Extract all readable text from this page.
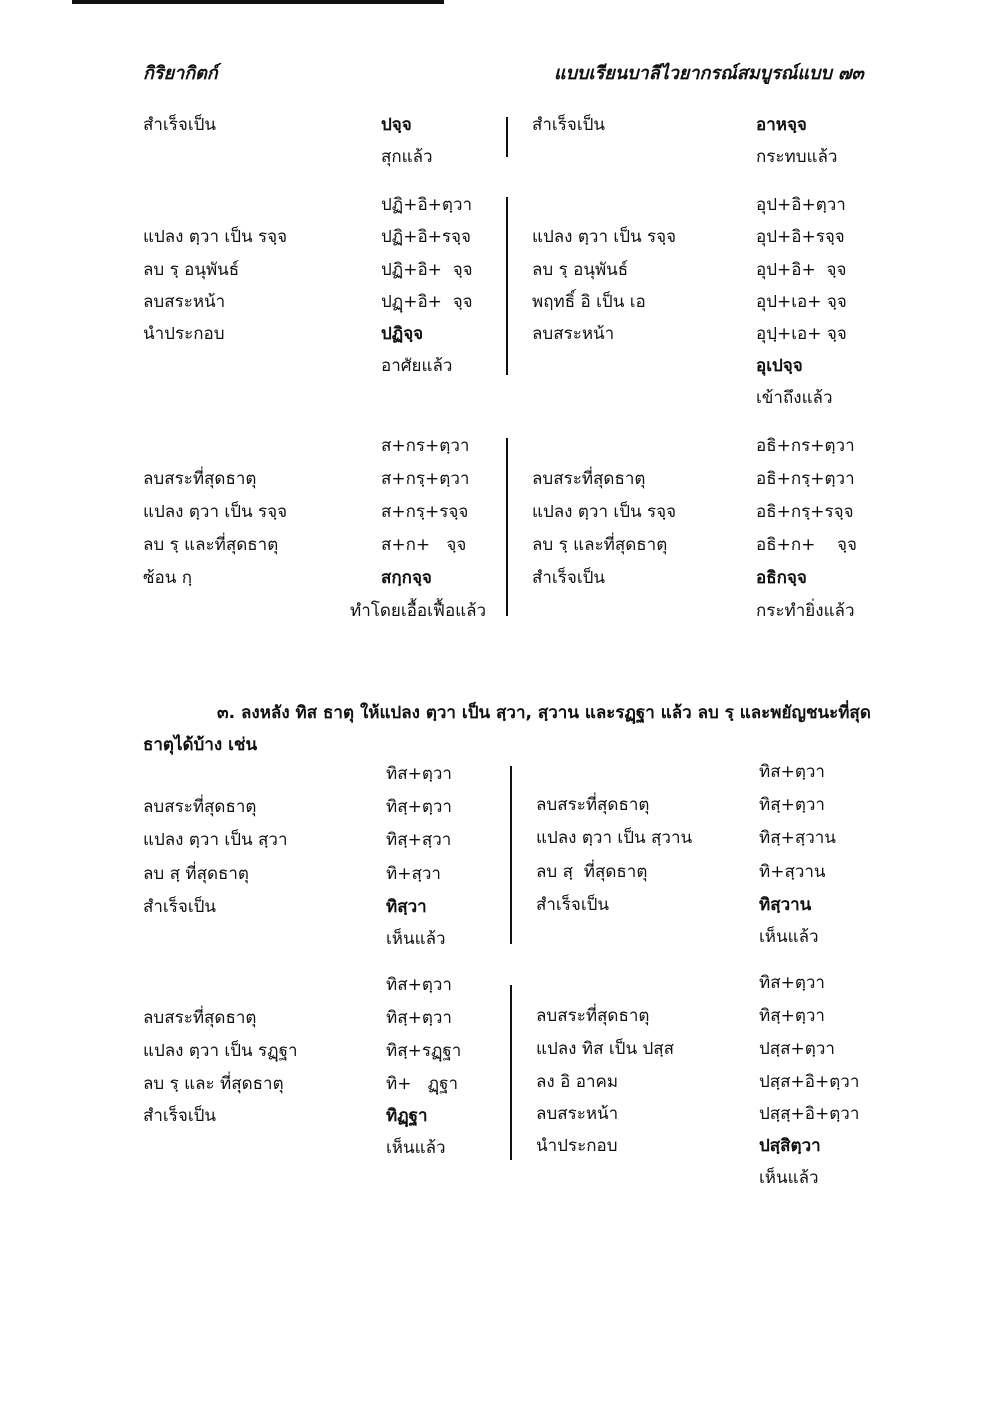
กิริยากิตก์	แบบเรียนบาลีไวยากรณ์สมบูรณ์แบบ ๗๓
สำเร็จเป็น	ปจฺจ
สุกแล้ว
สำเร็จเป็น	อาหจฺจ
กระทบแล้ว
ปฏิ+อิ+ตฺวา
แปลง ตฺวา เป็น รจฺจ	ปฏิ+อิ+รจฺจ
ลบ รฺ อนุพันธ์	ปฏิ+อิ+  จฺจ
ลบสระหน้า	ปฏฺ+อิ+  จฺจ
นำประกอบ	ปฏิจฺจ
อาศัยแล้ว
อุป+อิ+ตฺวา
แปลง ตฺวา เป็น รจฺจ	อุป+อิ+รจฺจ
ลบ รฺ อนุพันธ์	อุป+อิ+  จฺจ
พฤทธิ์ อิ เป็น เอ	อุป+เอ+ จฺจ
ลบสระหน้า	อุปฺ+เอ+ จฺจ
อุเปจฺจ
เข้าถึงแล้ว
ส+กร+ตฺวา
ลบสระที่สุดธาตุ	ส+กรฺ+ตฺวา
แปลง ตฺวา เป็น รจฺจ	ส+กรฺ+รจฺจ
ลบ รฺ และที่สุดธาตุ	ส+ก+   จฺจ
ซ้อน กฺ	สกฺกจฺจ
ทำโดยเอื้อเฟื้อแล้ว
อธิ+กร+ตฺวา
ลบสระที่สุดธาตุ	อธิ+กรฺ+ตฺวา
แปลง ตฺวา เป็น รจฺจ	อธิ+กรฺ+รจฺจ
ลบ รฺ และที่สุดธาตุ	อธิ+ก+    จฺจ
สำเร็จเป็น	อธิกจฺจ
กระทำยิ่งแล้ว
๓. ลงหลัง ทิส ธาตุ ให้แปลง ตฺวา เป็น สฺวา, สฺวาน และรฏฺฐา แล้ว ลบ รฺ และพยัญชนะที่สุดธาตุได้บ้าง เช่น
ทิส+ตฺวา
ลบสระที่สุดธาตุ	ทิสฺ+ตฺวา
แปลง ตฺวา เป็น สฺวา	ทิสฺ+สฺวา
ลบ สฺ ที่สุดธาตุ	ทิ+สฺวา
สำเร็จเป็น	ทิสฺวา
เห็นแล้ว
ทิส+ตฺวา
ลบสระที่สุดธาตุ	ทิสฺ+ตฺวา
แปลง ตฺวา เป็น สฺวาน	ทิสฺ+สฺวาน
ลบ สฺ  ที่สุดธาตุ	ทิ+สฺวาน
สำเร็จเป็น	ทิสฺวาน
เห็นแล้ว
ทิส+ตฺวา
ลบสระที่สุดธาตุ	ทิสฺ+ตฺวา
แปลง ตฺวา เป็น รฏฺฐา	ทิสฺ+รฏฺฐา
ลบ รฺ และ ที่สุดธาตุ	ทิ+   ฏฺฐา
สำเร็จเป็น	ทิฏฺฐา
เห็นแล้ว
ทิส+ตฺวา
ลบสระที่สุดธาตุ	ทิสฺ+ตฺวา
แปลง ทิส เป็น ปสฺส	ปสฺส+ตฺวา
ลง อิ อาคม	ปสฺส+อิ+ตฺวา
ลบสระหน้า	ปสฺสฺ+อิ+ตฺวา
นำประกอบ	ปสฺสิตฺวา
เห็นแล้ว
